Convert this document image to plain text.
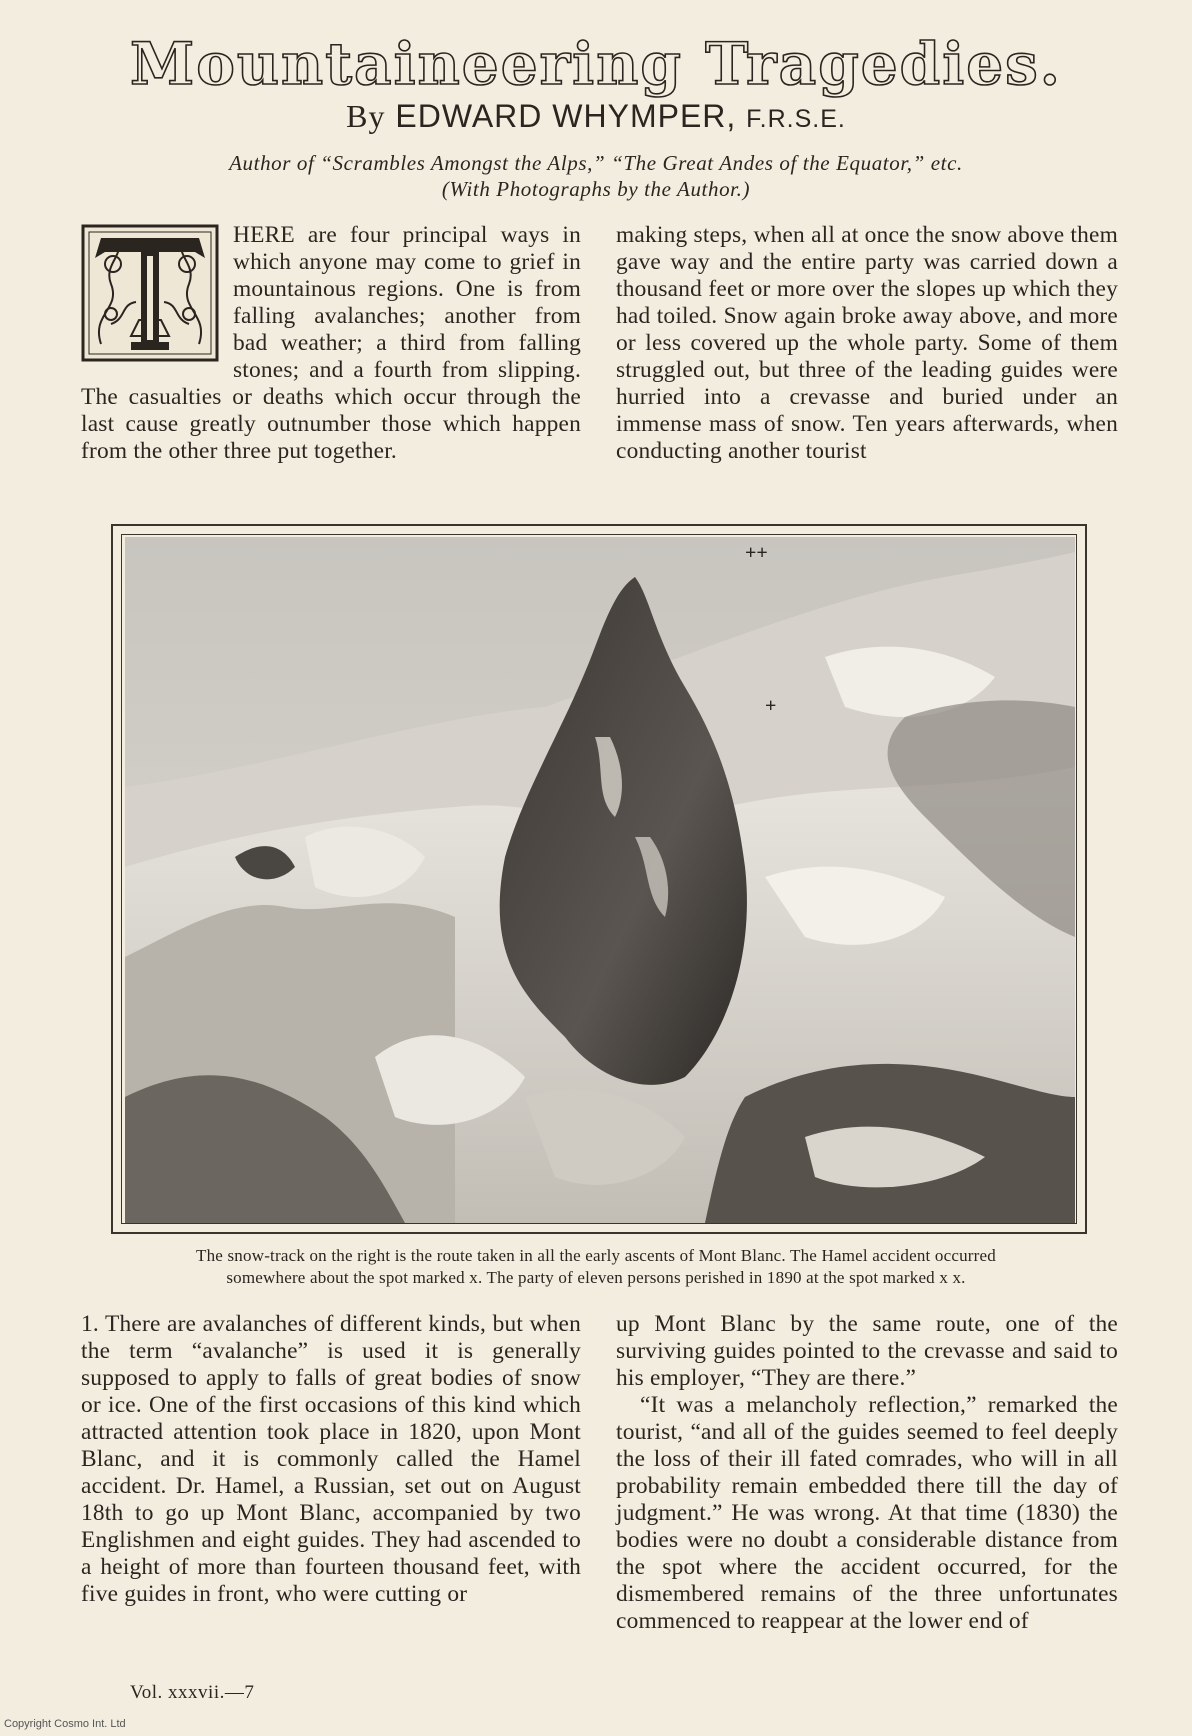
Mountaineering Tragedies.
By EDWARD WHYMPER, F.R.S.E.
Author of “Scrambles Amongst the Alps,” “The Great Andes of the Equator,” etc.
(With Photographs by the Author.)

HERE are four principal ways in which anyone may come to grief in mountainous regions. One is from falling avalanches; another from bad weather; a third from falling stones; and a fourth from slipping. The casualties or deaths which occur through the last cause greatly outnumber those which happen from the other three put together.

making steps, when all at once the snow above them gave way and the entire party was carried down a thousand feet or more over the slopes up which they had toiled. Snow again broke away above, and more or less covered up the whole party. Some of them struggled out, but three of the leading guides were hurried into a crevasse and buried under an immense mass of snow. Ten years afterwards, when conducting another tourist

++
+
The snow-track on the right is the route taken in all the early ascents of Mont Blanc. The Hamel accident occurred
somewhere about the spot marked x. The party of eleven persons perished in 1890 at the spot marked x x.

1. There are avalanches of different kinds, but when the term “avalanche” is used it is generally supposed to apply to falls of great bodies of snow or ice. One of the first occasions of this kind which attracted attention took place in 1820, upon Mont Blanc, and it is commonly called the Hamel accident. Dr. Hamel, a Russian, set out on August 18th to go up Mont Blanc, accompanied by two Englishmen and eight guides. They had ascended to a height of more than fourteen thousand feet, with five guides in front, who were cutting or

up Mont Blanc by the same route, one of the surviving guides pointed to the crevasse and said to his employer, “They are there.”

“It was a melancholy reflection,” remarked the tourist, “and all of the guides seemed to feel deeply the loss of their ill fated comrades, who will in all probability remain embedded there till the day of judgment.” He was wrong. At that time (1830) the bodies were no doubt a considerable distance from the spot where the accident occurred, for the dismembered remains of the three unfortunates commenced to reappear at the lower end of

Vol. xxxvii.—7
Copyright Cosmo Int. Ltd
